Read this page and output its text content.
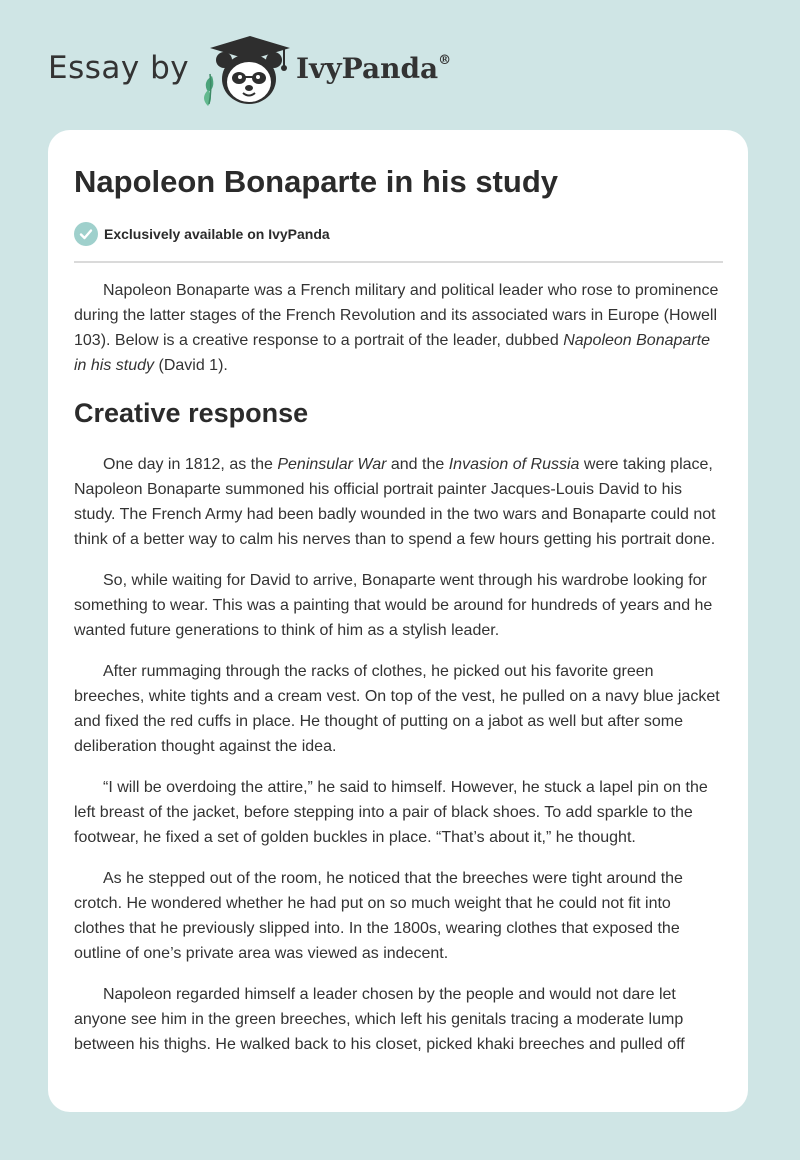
Essay by	IvyPanda®
Napoleon Bonaparte in his study
Exclusively available on IvyPanda

Napoleon Bonaparte was a French military and political leader who rose to prominence during the latter stages of the French Revolution and its associated wars in Europe (Howell 103). Below is a creative response to a portrait of the leader, dubbed Napoleon Bonaparte in his study (David 1).

Creative response

One day in 1812, as the Peninsular War and the Invasion of Russia were taking place, Napoleon Bonaparte summoned his official portrait painter Jacques-Louis David to his study. The French Army had been badly wounded in the two wars and Bonaparte could not think of a better way to calm his nerves than to spend a few hours getting his portrait done.

So, while waiting for David to arrive, Bonaparte went through his wardrobe looking for something to wear. This was a painting that would be around for hundreds of years and he wanted future generations to think of him as a stylish leader.

After rummaging through the racks of clothes, he picked out his favorite green breeches, white tights and a cream vest. On top of the vest, he pulled on a navy blue jacket and fixed the red cuffs in place. He thought of putting on a jabot as well but after some deliberation thought against the idea.

“I will be overdoing the attire,” he said to himself. However, he stuck a lapel pin on the left breast of the jacket, before stepping into a pair of black shoes. To add sparkle to the footwear, he fixed a set of golden buckles in place. “That’s about it,” he thought.

As he stepped out of the room, he noticed that the breeches were tight around the crotch. He wondered whether he had put on so much weight that he could not fit into clothes that he previously slipped into. In the 1800s, wearing clothes that exposed the outline of one’s private area was viewed as indecent.

Napoleon regarded himself a leader chosen by the people and would not dare let anyone see him in the green breeches, which left his genitals tracing a moderate lump between his thighs. He walked back to his closet, picked khaki breeches and pulled off
